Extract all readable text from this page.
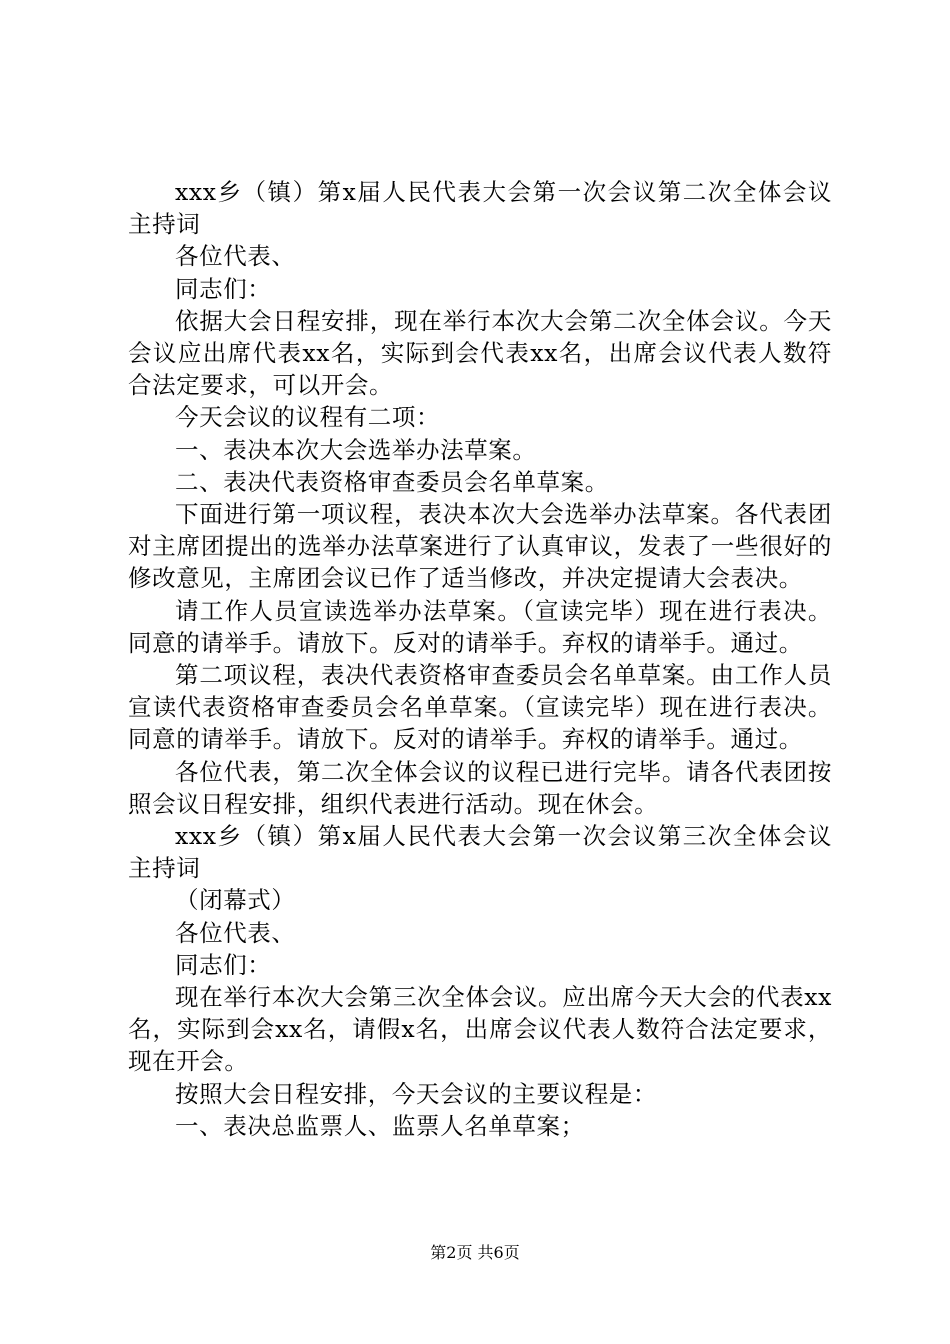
xxx乡（镇）第x届人民代表大会第一次会议第二次全体会议主持词

各位代表、

同志们：

依据大会日程安排，现在举行本次大会第二次全体会议。今天会议应出席代表xx名，实际到会代表xx名，出席会议代表人数符合法定要求，可以开会。

今天会议的议程有二项：

一、表决本次大会选举办法草案。

二、表决代表资格审查委员会名单草案。

下面进行第一项议程，表决本次大会选举办法草案。各代表团对主席团提出的选举办法草案进行了认真审议，发表了一些很好的修改意见，主席团会议已作了适当修改，并决定提请大会表决。

请工作人员宣读选举办法草案。（宣读完毕）现在进行表决。同意的请举手。请放下。反对的请举手。弃权的请举手。通过。

第二项议程，表决代表资格审查委员会名单草案。由工作人员宣读代表资格审查委员会名单草案。（宣读完毕）现在进行表决。同意的请举手。请放下。反对的请举手。弃权的请举手。通过。

各位代表，第二次全体会议的议程已进行完毕。请各代表团按照会议日程安排，组织代表进行活动。现在休会。

xxx乡（镇）第x届人民代表大会第一次会议第三次全体会议主持词

（闭幕式）

各位代表、

同志们：

现在举行本次大会第三次全体会议。应出席今天大会的代表xx名，实际到会xx名，请假x名，出席会议代表人数符合法定要求，现在开会。

按照大会日程安排，今天会议的主要议程是：

一、表决总监票人、监票人名单草案；

第2页 共6页
